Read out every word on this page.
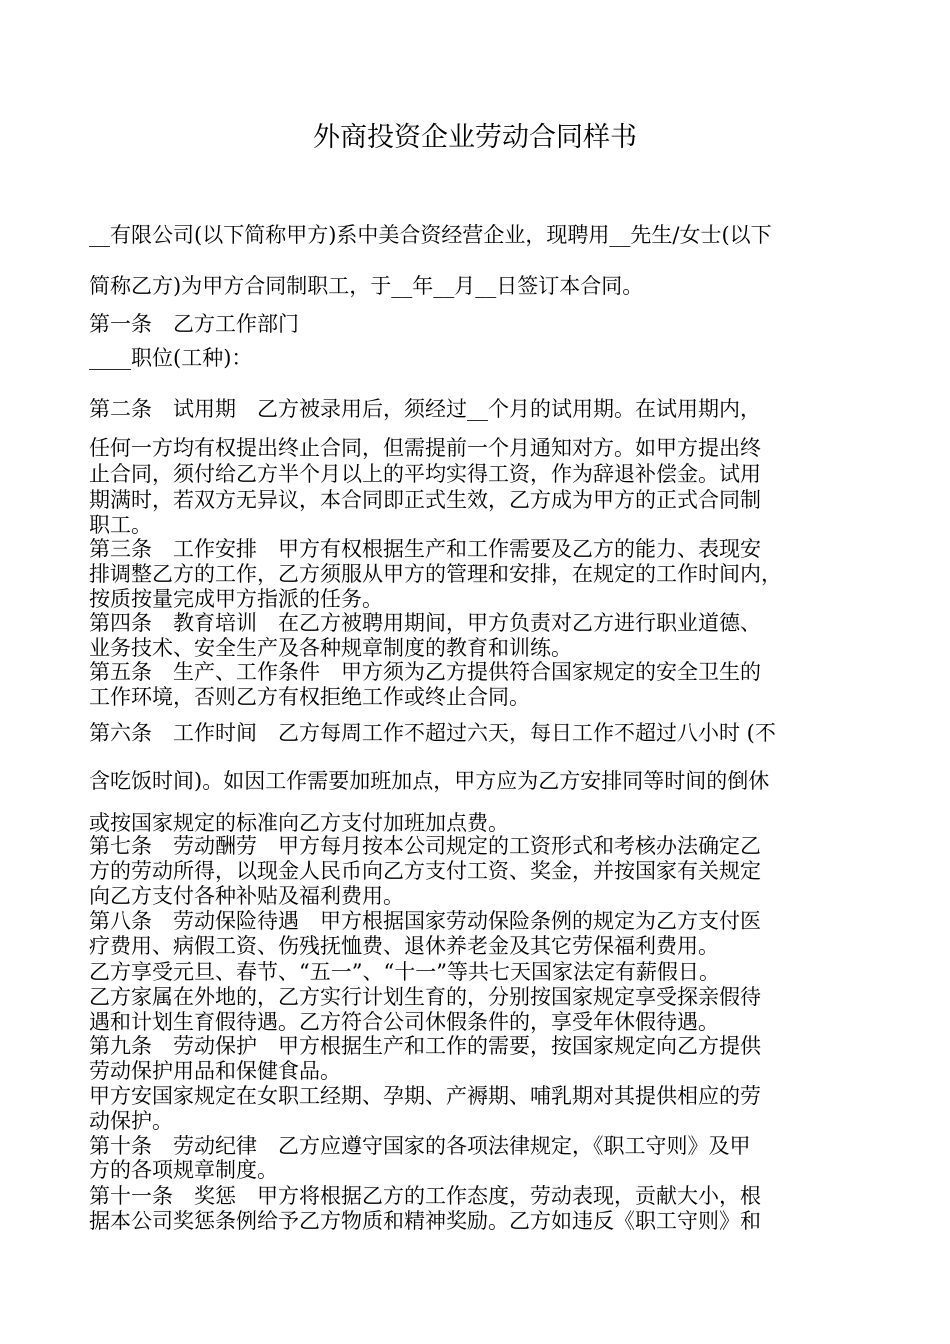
外商投资企业劳动合同样书
__有限公司(以下简称甲方)系中美合资经营企业，现聘用__先生/女士(以下
简称乙方)为甲方合同制职工，于__年__月__日签订本合同。
第一条　乙方工作部门
____职位(工种)：
第二条　试用期　乙方被录用后，须经过__个月的试用期。在试用期内，
任何一方均有权提出终止合同，但需提前一个月通知对方。如甲方提出终
止合同，须付给乙方半个月以上的平均实得工资，作为辞退补偿金。试用
期满时，若双方无异议，本合同即正式生效，乙方成为甲方的正式合同制
职工。
第三条　工作安排　甲方有权根据生产和工作需要及乙方的能力、表现安
排调整乙方的工作，乙方须服从甲方的管理和安排，在规定的工作时间内，
按质按量完成甲方指派的任务。
第四条　教育培训　在乙方被聘用期间，甲方负责对乙方进行职业道德、
业务技术、安全生产及各种规章制度的教育和训练。
第五条　生产、工作条件　甲方须为乙方提供符合国家规定的安全卫生的
工作环境，否则乙方有权拒绝工作或终止合同。
第六条　工作时间　乙方每周工作不超过六天，每日工作不超过八小时 (不
含吃饭时间)。如因工作需要加班加点，甲方应为乙方安排同等时间的倒休
或按国家规定的标准向乙方支付加班加点费。
第七条　劳动酬劳　甲方每月按本公司规定的工资形式和考核办法确定乙
方的劳动所得，以现金人民币向乙方支付工资、奖金，并按国家有关规定
向乙方支付各种补贴及福利费用。
第八条　劳动保险待遇　甲方根据国家劳动保险条例的规定为乙方支付医
疗费用、病假工资、伤残抚恤费、退休养老金及其它劳保福利费用。
乙方享受元旦、春节、“五一”、“十一”等共七天国家法定有薪假日。
乙方家属在外地的，乙方实行计划生育的，分别按国家规定享受探亲假待
遇和计划生育假待遇。乙方符合公司休假条件的，享受年休假待遇。
第九条　劳动保护　甲方根据生产和工作的需要，按国家规定向乙方提供
劳动保护用品和保健食品。
甲方安国家规定在女职工经期、孕期、产褥期、哺乳期对其提供相应的劳
动保护。
第十条　劳动纪律　乙方应遵守国家的各项法律规定，《职工守则》及甲
方的各项规章制度。
第十一条　奖惩　甲方将根据乙方的工作态度，劳动表现，贡献大小，根
据本公司奖惩条例给予乙方物质和精神奖励。乙方如违反《职工守则》和
